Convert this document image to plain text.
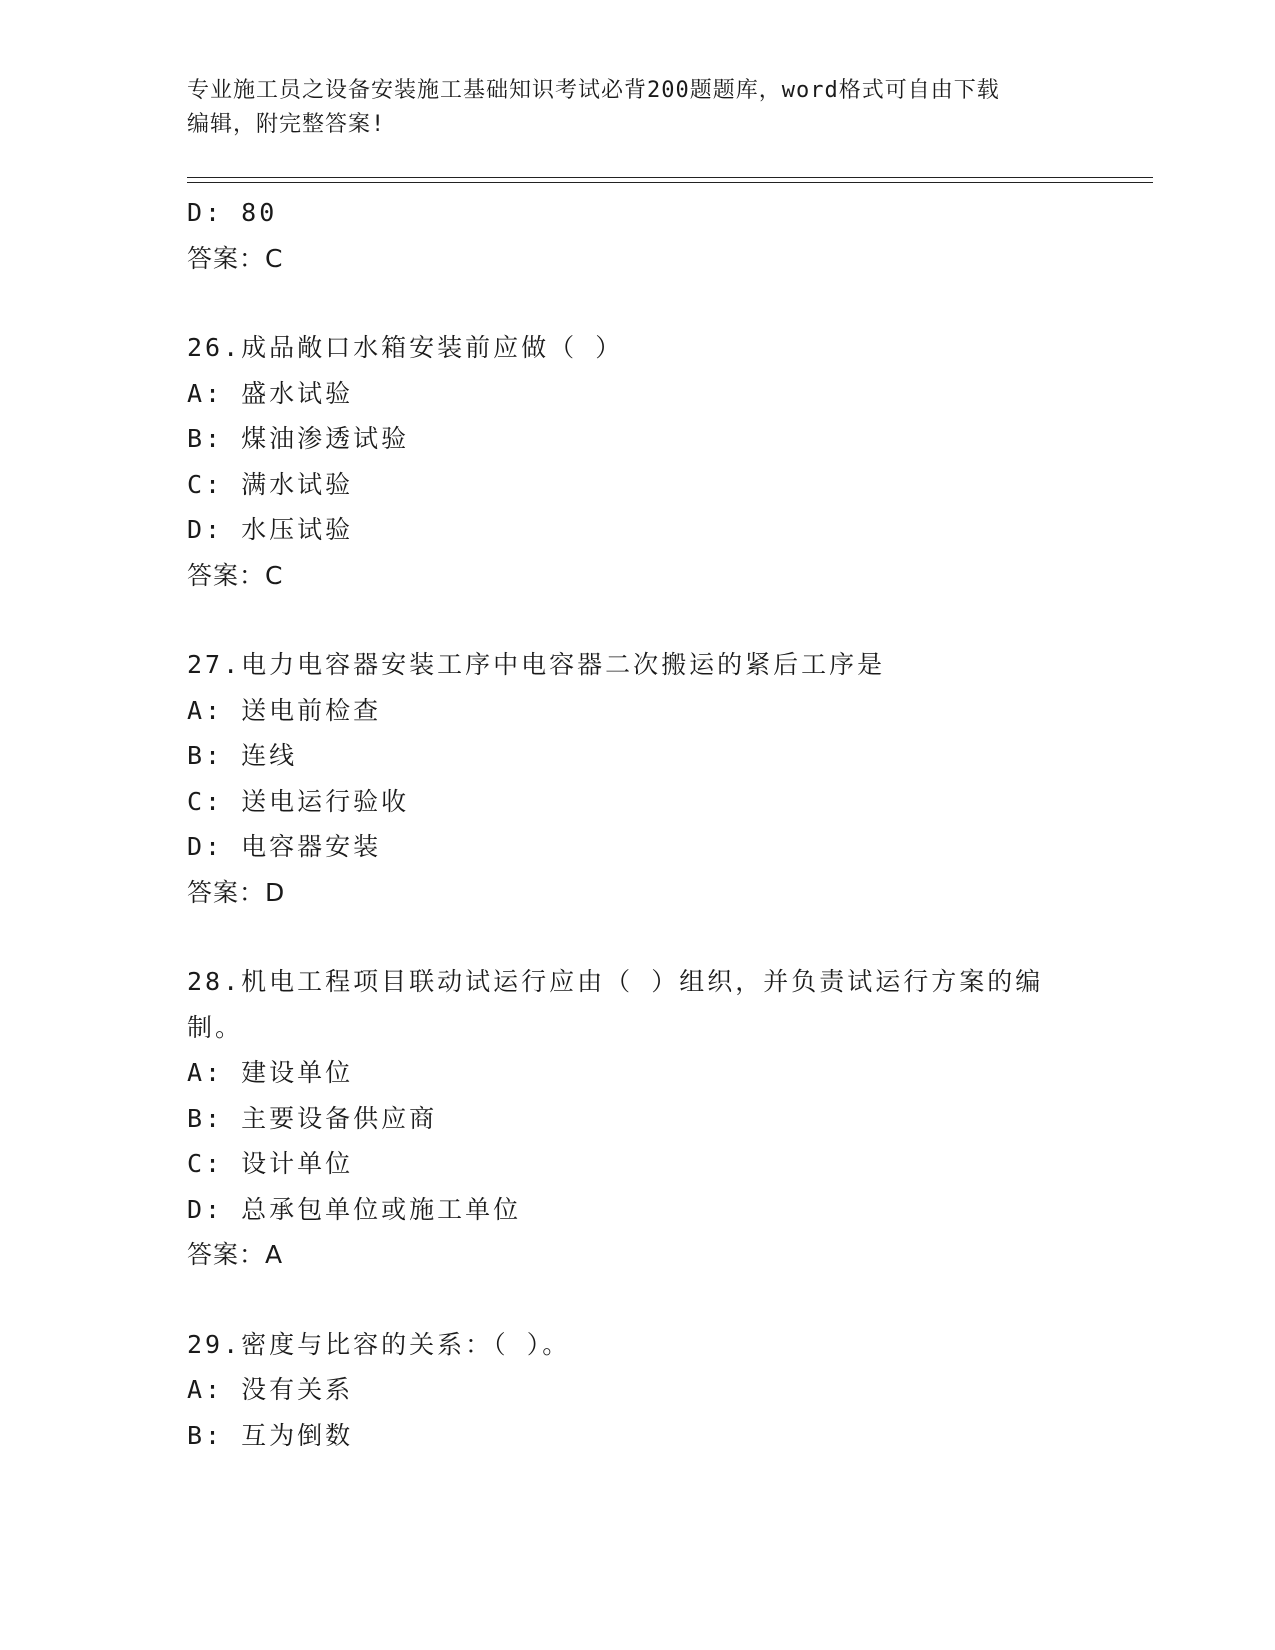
专业施工员之设备安装施工基础知识考试必背200题题库，word格式可自由下载
编辑，附完整答案!
D: 80
答案：C
26.成品敞口水箱安装前应做（ ）
A: 盛水试验
B: 煤油渗透试验
C: 满水试验
D: 水压试验
答案：C
27.电力电容器安装工序中电容器二次搬运的紧后工序是
A: 送电前检查
B: 连线
C: 送电运行验收
D: 电容器安装
答案：D
28.机电工程项目联动试运行应由（ ）组织，并负责试运行方案的编
制。
A: 建设单位
B: 主要设备供应商
C: 设计单位
D: 总承包单位或施工单位
答案：A
29.密度与比容的关系：（ ）。
A: 没有关系
B: 互为倒数
